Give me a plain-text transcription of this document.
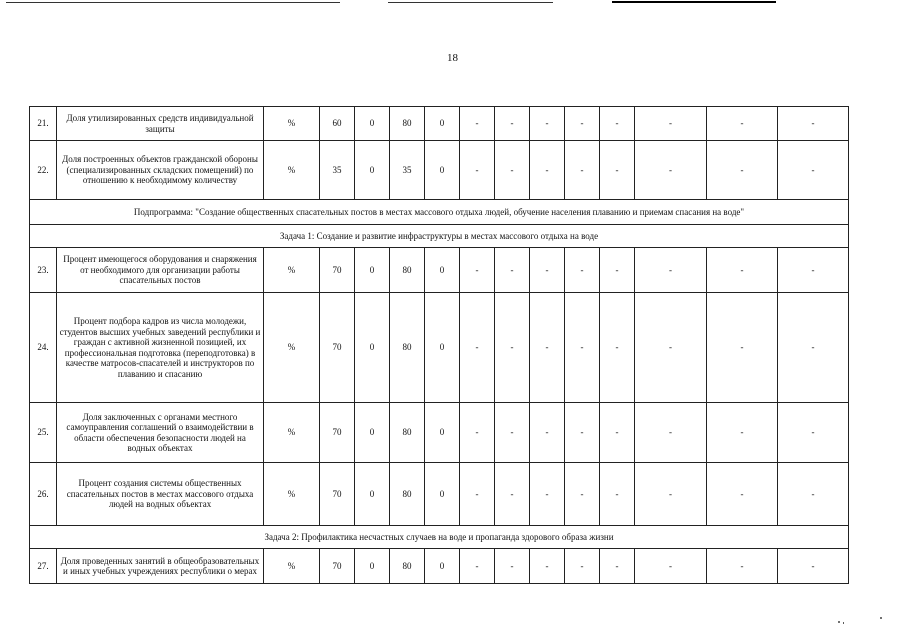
18
21.	Доля утилизированных средств индивидуальной защиты	%	60	0	80	0	-	-	-	-	-	-	-	-
22.	Доля построенных объектов гражданской обороны (специализированных складских помещений) по отношению к необходимому количеству	%	35	0	35	0	-	-	-	-	-	-	-	-
Подпрограмма: "Создание общественных спасательных постов в местах массового отдыха людей, обучение населения плаванию и приемам спасания на воде"														
Задача 1: Создание и развитие инфраструктуры в местах массового отдыха на воде														
23.	Процент имеющегося оборудования и снаряжения от необходимого для организации работы спасательных постов	%	70	0	80	0	-	-	-	-	-	-	-	-
24.	Процент подбора кадров из числа молодежи, студентов высших учебных заведений республики и граждан с активной жизненной позицией, их профессиональная подготовка (переподготовка) в качестве матросов-спасателей и инструкторов по плаванию и спасанию	%	70	0	80	0	-	-	-	-	-	-	-	-
25.	Доля заключенных с органами местного самоуправления соглашений о взаимодействии в области обеспечения безопасности людей на водных объектах	%	70	0	80	0	-	-	-	-	-	-	-	-
26.	Процент создания системы общественных спасательных постов в местах массового отдыха людей на водных объектах	%	70	0	80	0	-	-	-	-	-	-	-	-
Задача 2: Профилактика несчастных случаев на воде и пропаганда здорового образа жизни														
27.	Доля проведенных занятий в общеобразовательных и иных учебных учреждениях республики о мерах	%	70	0	80	0	-	-	-	-	-	-	-	-
